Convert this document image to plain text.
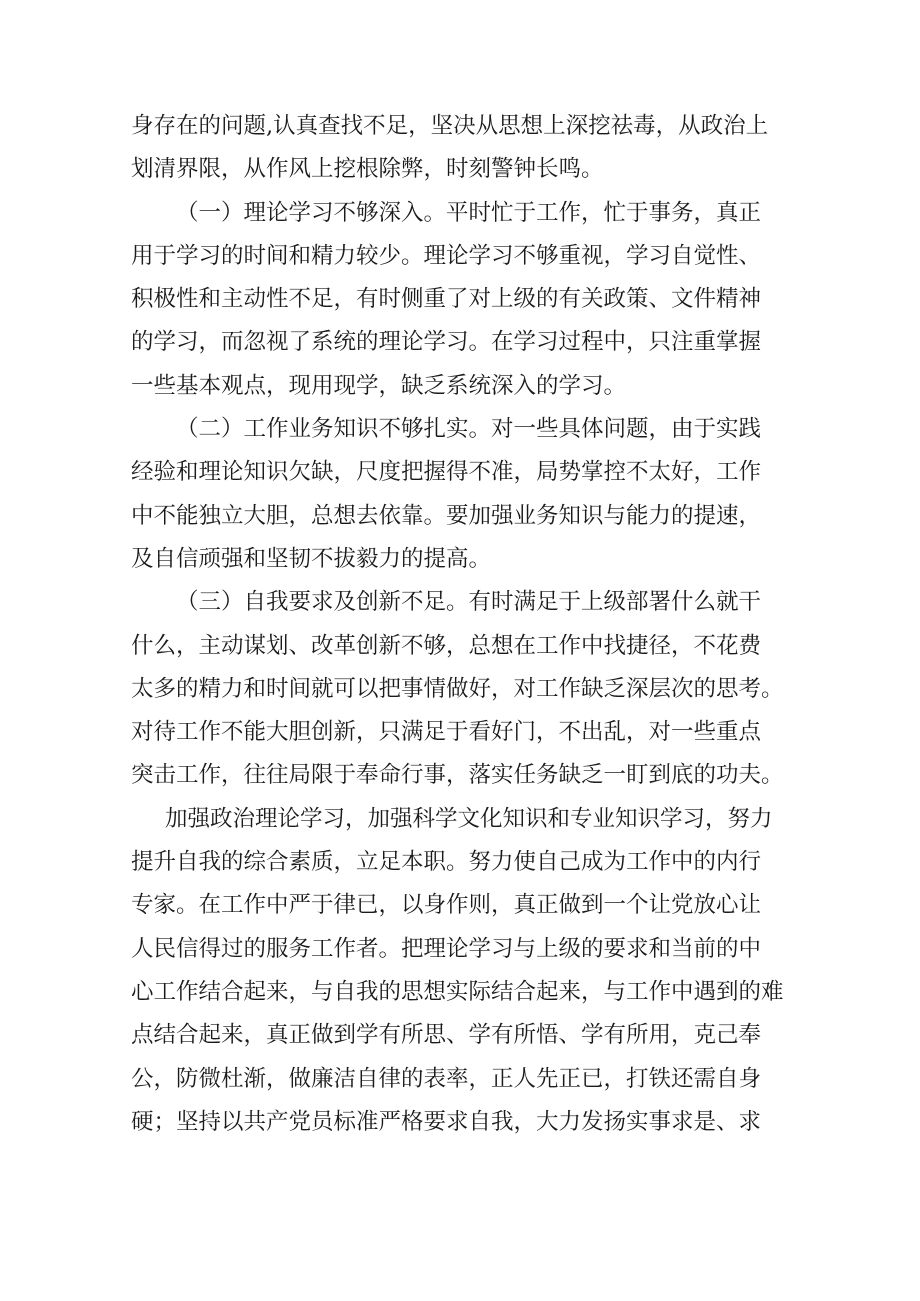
身存在的问题,认真查找不足，坚决从思想上深挖祛毒，从政治上
划清界限，从作风上挖根除弊，时刻警钟长鸣。
（一）理论学习不够深入。平时忙于工作，忙于事务，真正
用于学习的时间和精力较少。理论学习不够重视，学习自觉性、
积极性和主动性不足，有时侧重了对上级的有关政策、文件精神
的学习，而忽视了系统的理论学习。在学习过程中，只注重掌握
一些基本观点，现用现学，缺乏系统深入的学习。
（二）工作业务知识不够扎实。对一些具体问题，由于实践
经验和理论知识欠缺，尺度把握得不准，局势掌控不太好，工作
中不能独立大胆，总想去依靠。要加强业务知识与能力的提速，
及自信顽强和坚韧不拔毅力的提高。
（三）自我要求及创新不足。有时满足于上级部署什么就干
什么，主动谋划、改革创新不够，总想在工作中找捷径，不花费
太多的精力和时间就可以把事情做好，对工作缺乏深层次的思考。
对待工作不能大胆创新，只满足于看好门，不出乱，对一些重点
突击工作，往往局限于奉命行事，落实任务缺乏一盯到底的功夫。
加强政治理论学习，加强科学文化知识和专业知识学习，努力
提升自我的综合素质，立足本职。努力使自己成为工作中的内行
专家。在工作中严于律已，以身作则，真正做到一个让党放心让
人民信得过的服务工作者。把理论学习与上级的要求和当前的中
心工作结合起来，与自我的思想实际结合起来，与工作中遇到的难
点结合起来，真正做到学有所思、学有所悟、学有所用，克己奉
公，防微杜渐，做廉洁自律的表率，正人先正已，打铁还需自身
硬；坚持以共产党员标准严格要求自我，大力发扬实事求是、求
